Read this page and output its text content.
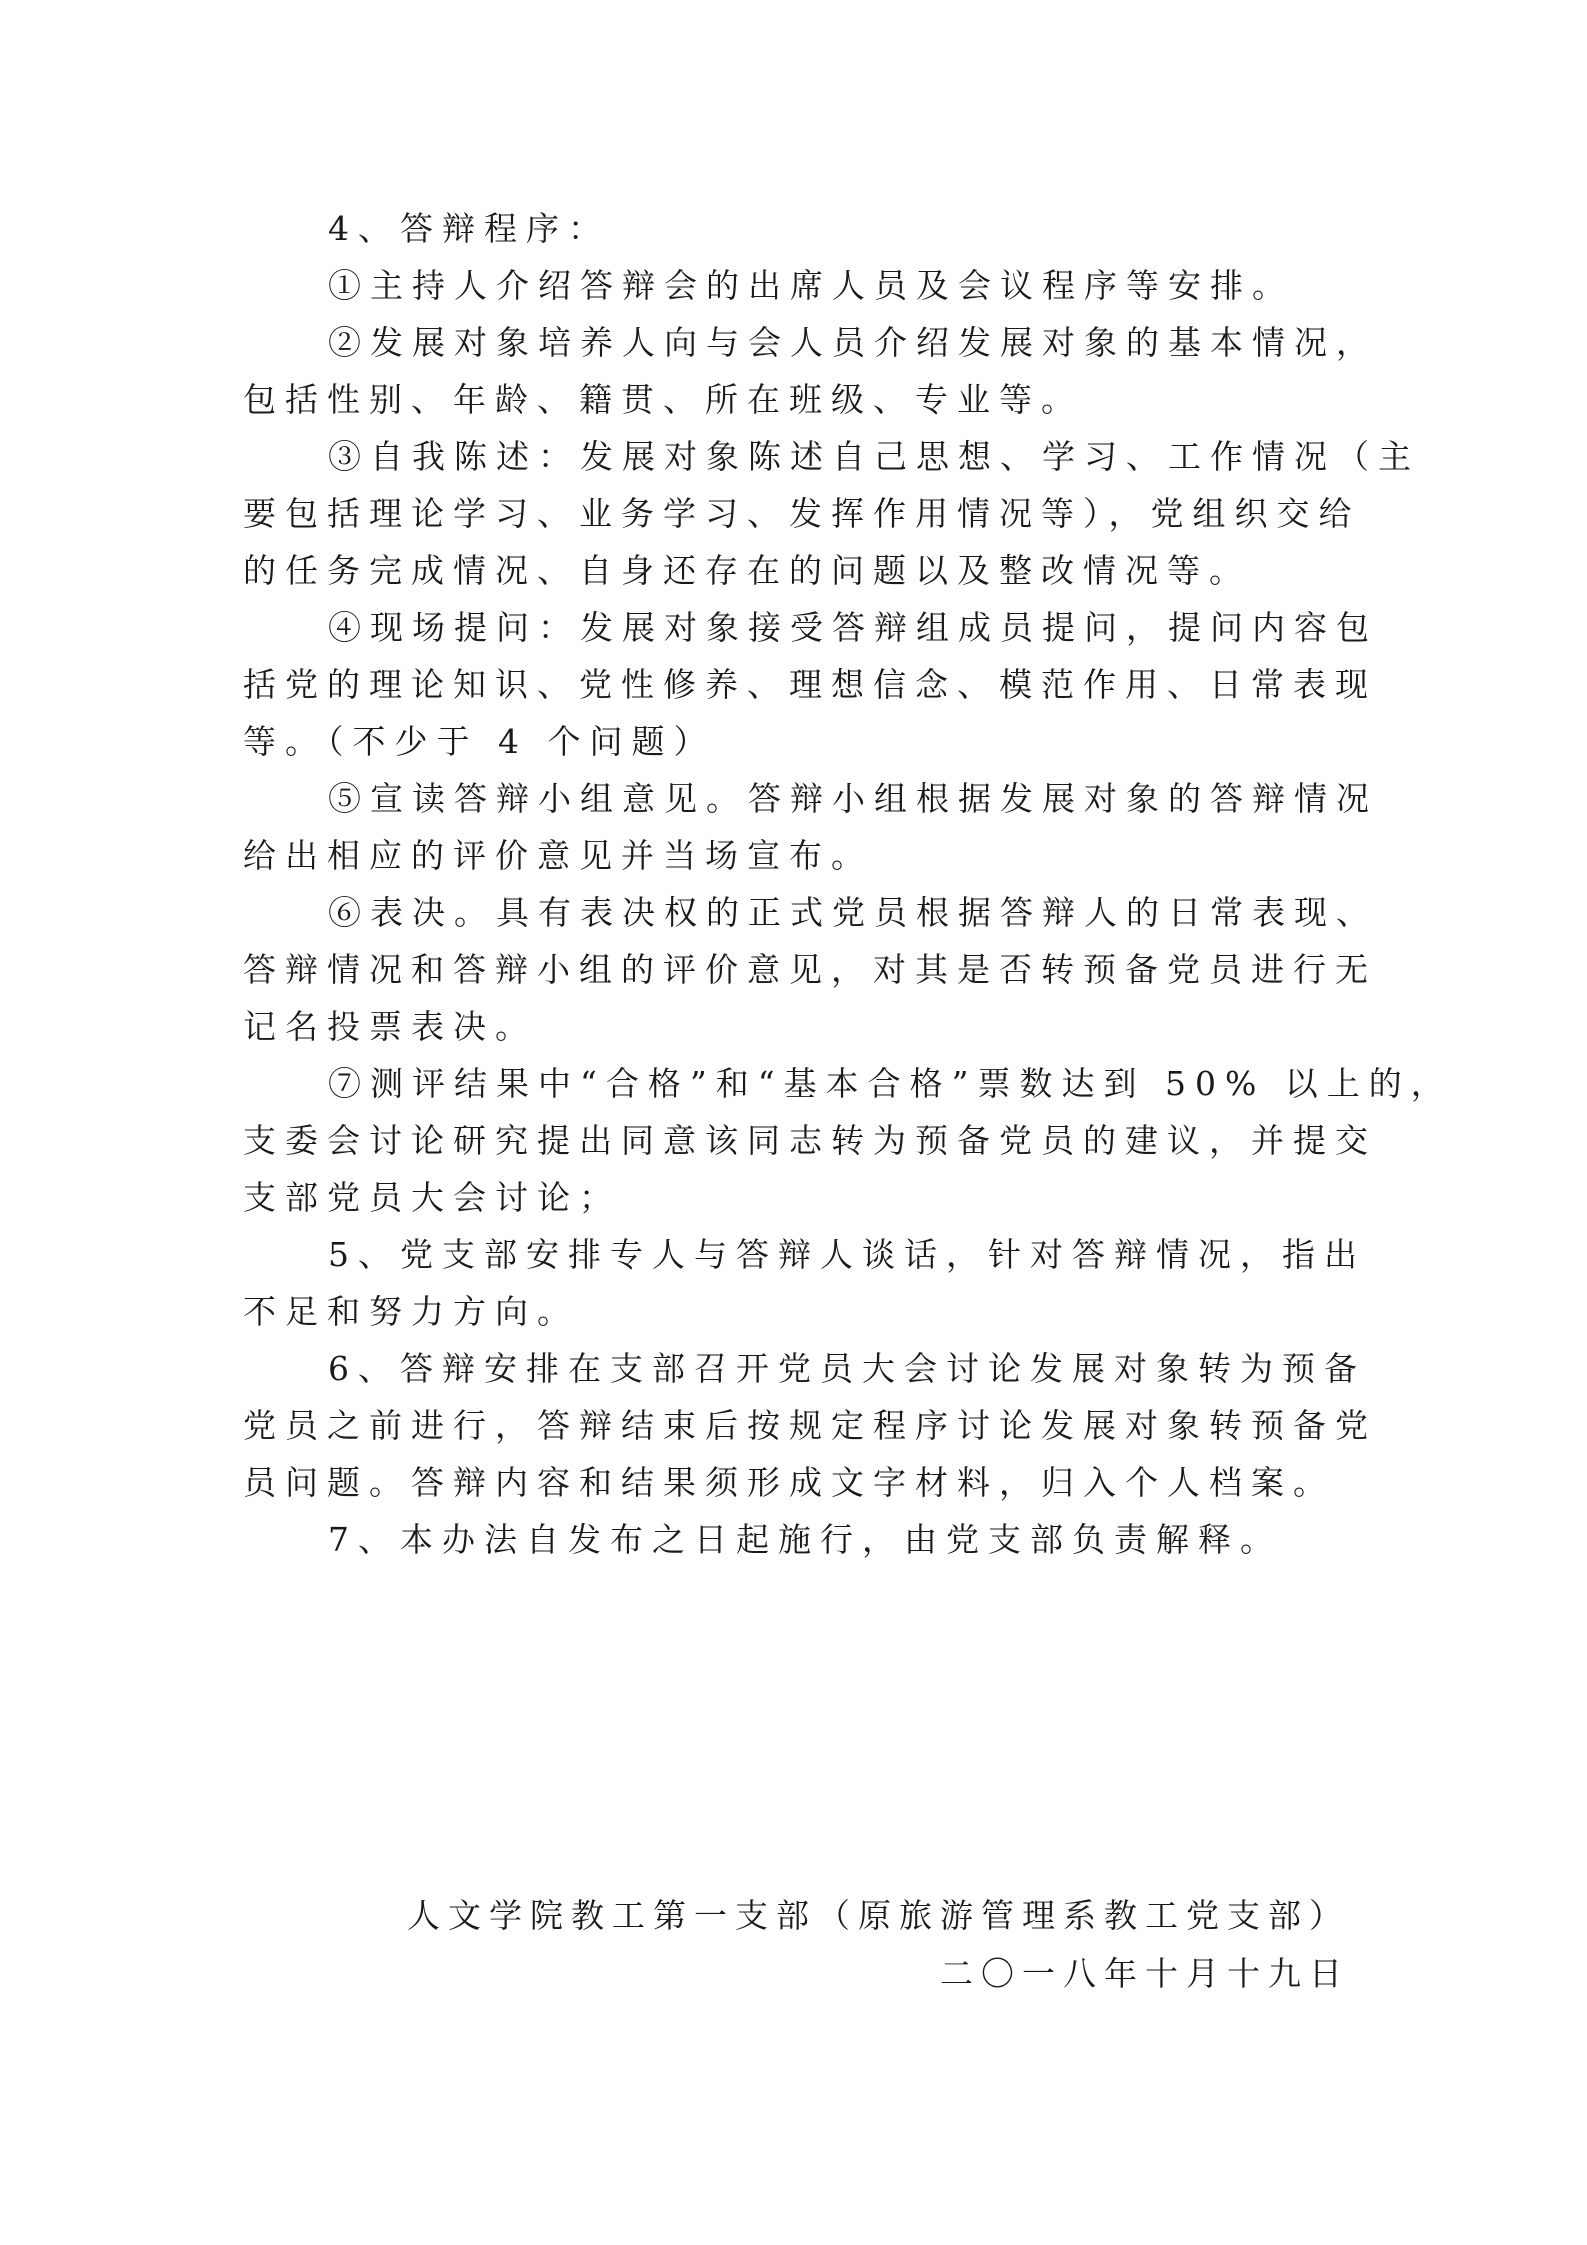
4、答辩程序：

①主持人介绍答辩会的出席人员及会议程序等安排。

②发展对象培养人向与会人员介绍发展对象的基本情况，

包括性别、年龄、籍贯、所在班级、专业等。

③自我陈述：发展对象陈述自己思想、学习、工作情况（主

要包括理论学习、业务学习、发挥作用情况等），党组织交给

的任务完成情况、自身还存在的问题以及整改情况等。

④现场提问：发展对象接受答辩组成员提问，提问内容包

括党的理论知识、党性修养、理想信念、模范作用、日常表现

等。（不少于 4 个问题）

⑤宣读答辩小组意见。答辩小组根据发展对象的答辩情况

给出相应的评价意见并当场宣布。

⑥表决。具有表决权的正式党员根据答辩人的日常表现、

答辩情况和答辩小组的评价意见，对其是否转预备党员进行无

记名投票表决。

⑦测评结果中“合格”和“基本合格”票数达到 50% 以上的，

支委会讨论研究提出同意该同志转为预备党员的建议，并提交

支部党员大会讨论；

5、党支部安排专人与答辩人谈话，针对答辩情况，指出

不足和努力方向。

6、答辩安排在支部召开党员大会讨论发展对象转为预备

党员之前进行，答辩结束后按规定程序讨论发展对象转预备党

员问题。答辩内容和结果须形成文字材料，归入个人档案。

7、本办法自发布之日起施行，由党支部负责解释。

人文学院教工第一支部（原旅游管理系教工党支部）
二〇一八年十月十九日
